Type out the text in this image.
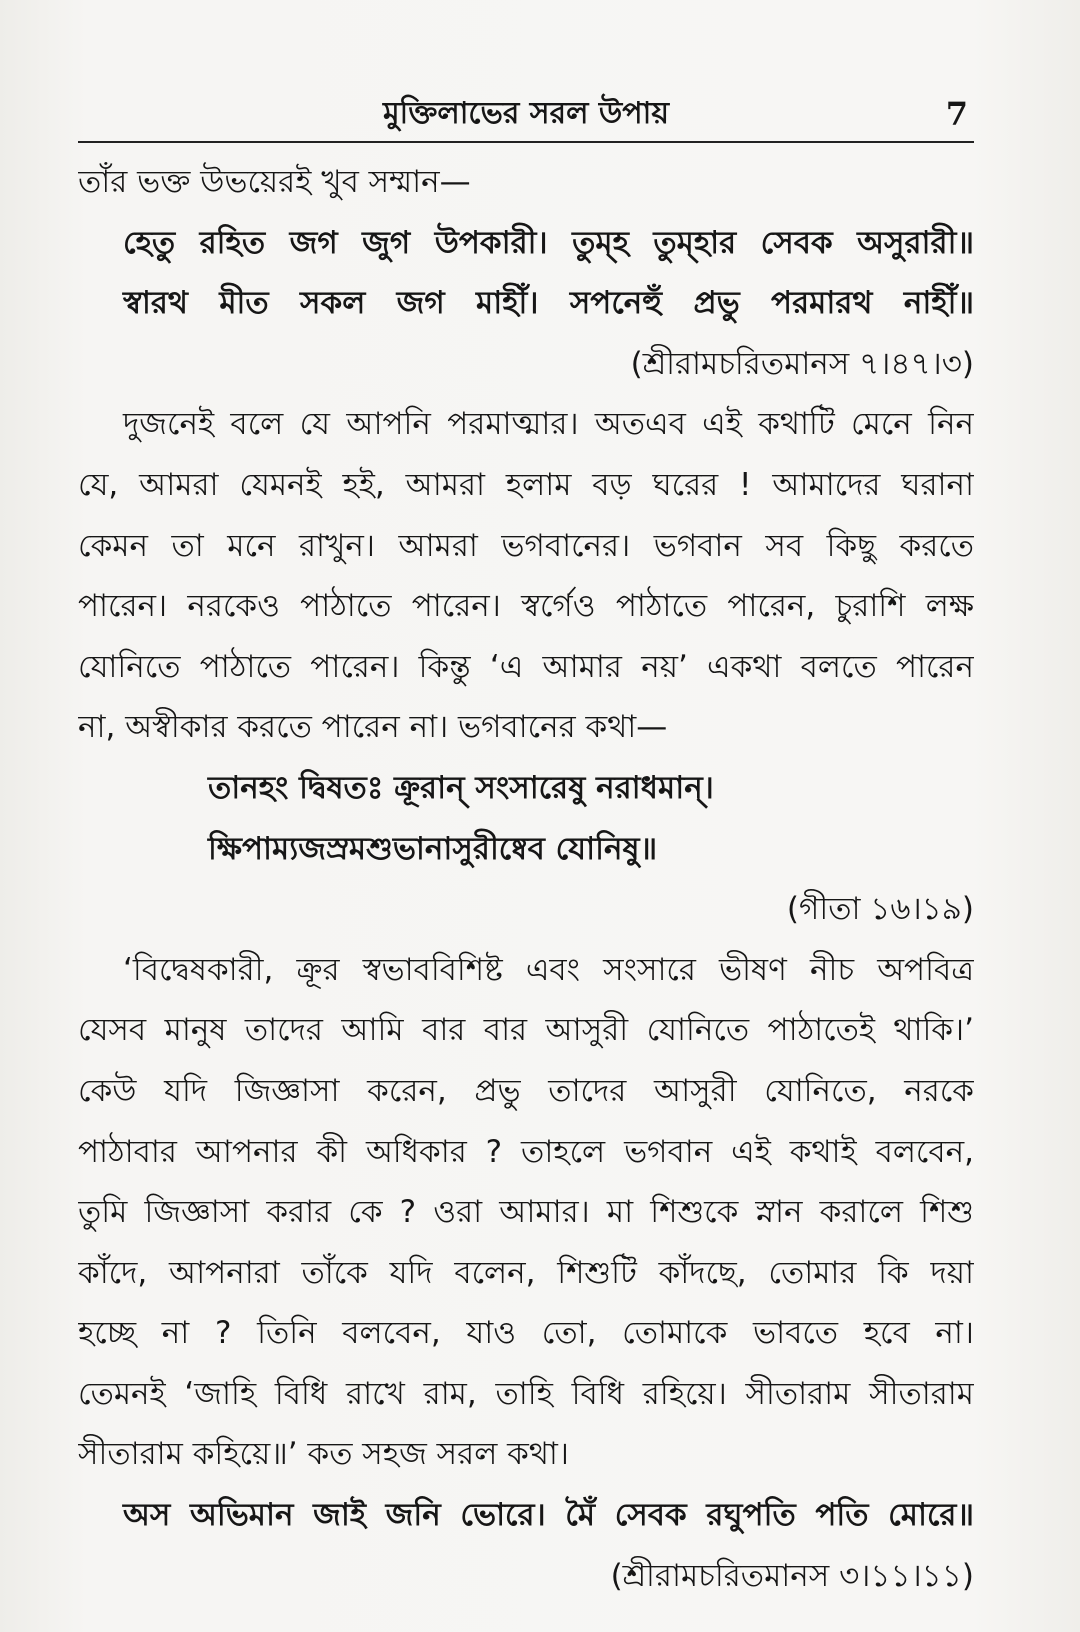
মুক্তিলাভের সরল উপায়	7
তাঁর ভক্ত উভয়েরই খুব সম্মান—
হেতু রহিত জগ জুগ উপকারী। তুম্হ তুম্হার সেবক অসুরারী॥
স্বারথ মীত সকল জগ মাহীঁ। সপনেহুঁ প্রভু পরমারথ নাহীঁ॥
(শ্রীরামচরিতমানস ৭।৪৭।৩)
দুজনেই বলে যে আপনি পরমাত্মার। অতএব এই কথাটি মেনে নিন
যে, আমরা যেমনই হই, আমরা হলাম বড় ঘরের ! আমাদের ঘরানা
কেমন তা মনে রাখুন। আমরা ভগবানের। ভগবান সব কিছু করতে
পারেন। নরকেও পাঠাতে পারেন। স্বর্গেও পাঠাতে পারেন, চুরাশি লক্ষ
যোনিতে পাঠাতে পারেন। কিন্তু ‘এ আমার নয়’ একথা বলতে পারেন
না, অস্বীকার করতে পারেন না। ভগবানের কথা—
তানহং দ্বিষতঃ ক্রূরান্ সংসারেষু নরাধমান্।
ক্ষিপাম্যজস্রমশুভানাসুরীষ্বেব যোনিষু॥
(গীতা ১৬।১৯)
‘বিদ্বেষকারী, ক্রূর স্বভাববিশিষ্ট এবং সংসারে ভীষণ নীচ অপবিত্র
যেসব মানুষ তাদের আমি বার বার আসুরী যোনিতে পাঠাতেই থাকি।’
কেউ যদি জিজ্ঞাসা করেন, প্রভু তাদের আসুরী যোনিতে, নরকে
পাঠাবার আপনার কী অধিকার ? তাহলে ভগবান এই কথাই বলবেন,
তুমি জিজ্ঞাসা করার কে ? ওরা আমার। মা শিশুকে স্নান করালে শিশু
কাঁদে, আপনারা তাঁকে যদি বলেন, শিশুটি কাঁদছে, তোমার কি দয়া
হচ্ছে না ? তিনি বলবেন, যাও তো, তোমাকে ভাবতে হবে না।
তেমনই ‘জাহি বিধি রাখে রাম, তাহি বিধি রহিয়ে। সীতারাম সীতারাম
সীতারাম কহিয়ে॥’ কত সহজ সরল কথা।
অস অভিমান জাই জনি ভোরে। মৈঁ সেবক রঘুপতি পতি মোরে॥
(শ্রীরামচরিতমানস ৩।১১।১১)
